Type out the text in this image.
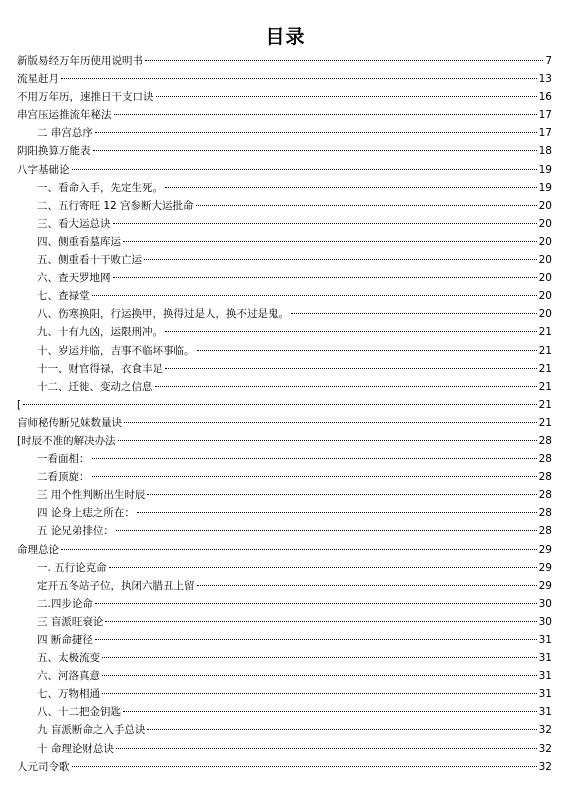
目录
新版易经万年历使用说明书	7
流星赶月	13
不用万年历，速推日干支口诀	16
串宫压运推流年秘法	17
二 串宫总序	17
阴阳换算万能表	18
八字基础论	19
一、看命入手，先定生死。	19
二、五行寄旺 12 宫参断大运批命	20
三、看大运总诀	20
四、侧重看墓库运	20
五、侧重看十干败亡运	20
六、查天罗地网	20
七、查禄堂	20
八、伤寒换阳，行运换甲，换得过是人，换不过是鬼。	20
九、十有九凶，运限刑冲。	21
十、岁运并临，吉事不临坏事临。	21
十一、财官得禄，衣食丰足	21
十二、迁徙、变动之信息	21
[	21
盲师秘传断兄妹数量诀	21
[时辰不准的解决办法	28
一看面相：	28
二看顶旋：	28
三 用个性判断出生时辰	28
四 论身上痣之所在：	28
五 论兄弟排位：	28
命理总论	29
一. 五行论克命	29
定开五冬站子位，执闭六腊丑上留	29
二.四步论命	30
三 盲派旺衰论	30
四 断命捷径	31
五、太极流变	31
六、河洛真意	31
七、万物相通	31
八、十二把金钥匙	31
九 盲派断命之入手总诀	32
十 命理论财总诀	32
人元司令歌	32
